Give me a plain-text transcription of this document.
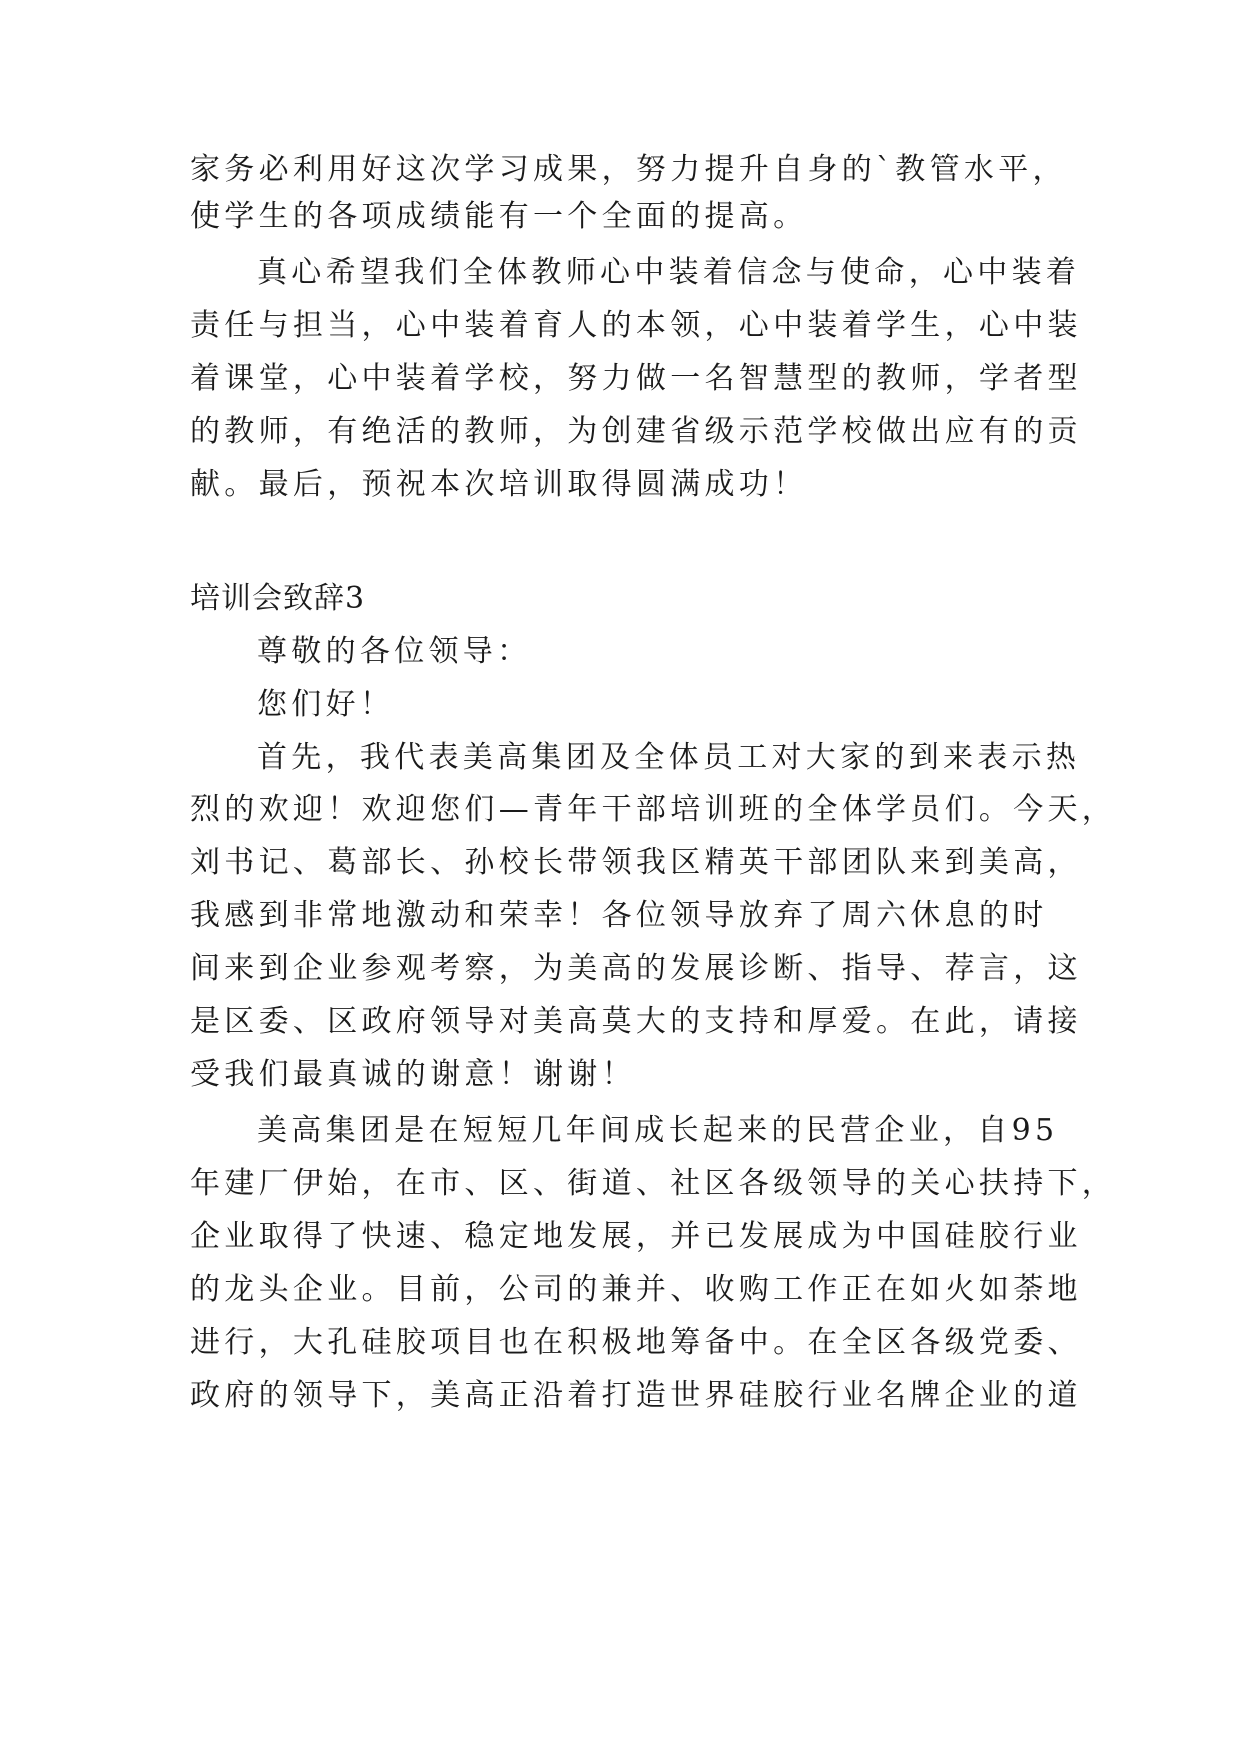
家务必利用好这次学习成果，努力提升自身的`教管水平，

使学生的各项成绩能有一个全面的提高。

真心希望我们全体教师心中装着信念与使命，心中装着

责任与担当，心中装着育人的本领，心中装着学生，心中装

着课堂，心中装着学校，努力做一名智慧型的教师，学者型

的教师，有绝活的教师，为创建省级示范学校做出应有的贡

献。最后，预祝本次培训取得圆满成功！

培训会致辞3

尊敬的各位领导：

您们好！

首先，我代表美高集团及全体员工对大家的到来表示热

烈的欢迎！欢迎您们—青年干部培训班的全体学员们。今天，

刘书记、葛部长、孙校长带领我区精英干部团队来到美高，

我感到非常地激动和荣幸！各位领导放弃了周六休息的时

间来到企业参观考察，为美高的发展诊断、指导、荐言，这

是区委、区政府领导对美高莫大的支持和厚爱。在此，请接

受我们最真诚的谢意！谢谢！

美高集团是在短短几年间成长起来的民营企业，自95

年建厂伊始，在市、区、街道、社区各级领导的关心扶持下，

企业取得了快速、稳定地发展，并已发展成为中国硅胶行业

的龙头企业。目前，公司的兼并、收购工作正在如火如荼地

进行，大孔硅胶项目也在积极地筹备中。在全区各级党委、

政府的领导下，美高正沿着打造世界硅胶行业名牌企业的道
